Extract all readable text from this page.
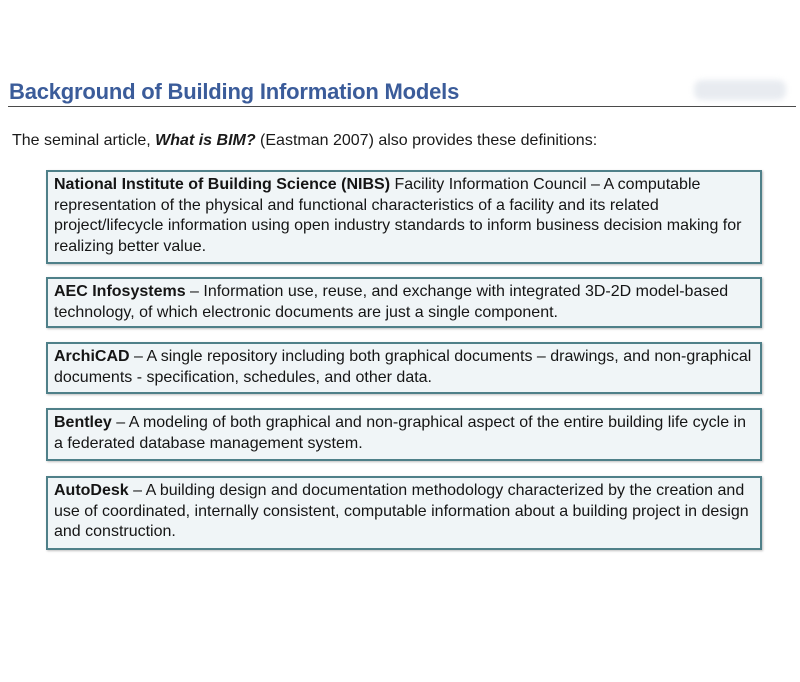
Background of Building Information Models
The seminal article, What is BIM? (Eastman 2007) also provides these definitions:
National Institute of Building Science (NIBS) Facility Information Council – A computable representation of the physical and functional characteristics of a facility and its related project/lifecycle information using open industry standards to inform business decision making for realizing better value.
AEC Infosystems – Information use, reuse, and exchange with integrated 3D-2D model-based technology, of which electronic documents are just a single component.
ArchiCAD – A single repository including both graphical documents – drawings, and non-graphical documents - specification, schedules, and other data.
Bentley – A modeling of both graphical and non-graphical aspect of the entire building life cycle in a federated database management system.
AutoDesk – A building design and documentation methodology characterized by the creation and use of coordinated, internally consistent, computable information about a building project in design and construction.
